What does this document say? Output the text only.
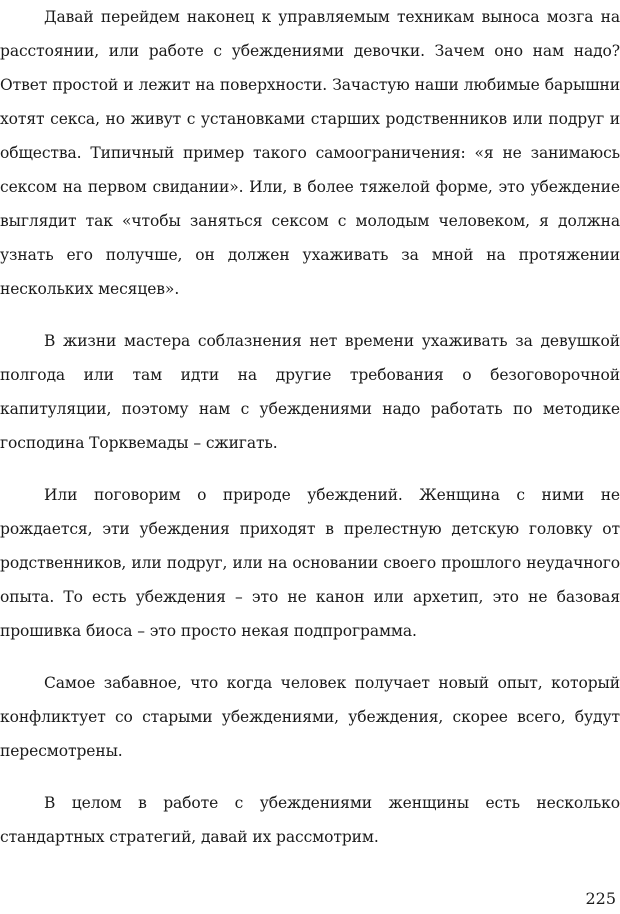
Давай перейдем наконец к управляемым техникам выноса мозга на расстоянии, или работе с убеждениями девочки. Зачем оно нам надо? Ответ простой и лежит на поверхности. Зачастую наши любимые барышни хотят секса, но живут с установками старших родственников или подруг и общества. Типичный пример такого самоограничения: «я не занимаюсь сексом на первом свидании». Или, в более тяжелой форме, это убеждение выглядит так «чтобы заняться сексом с молодым человеком, я должна узнать его получше, он должен ухаживать за мной на протяжении нескольких месяцев».

В жизни мастера соблазнения нет времени ухаживать за девушкой полгода или там идти на другие требования о безоговорочной капитуляции, поэтому нам с убеждениями надо работать по методике господина Торквемады – сжигать.

Или поговорим о природе убеждений. Женщина с ними не рождается, эти убеждения приходят в прелестную детскую головку от родственников, или подруг, или на основании своего прошлого неудачного опыта. То есть убеждения – это не канон или архетип, это не базовая прошивка биоса – это просто некая подпрограмма.

Самое забавное, что когда человек получает новый опыт, который конфликтует со старыми убеждениями, убеждения, скорее всего, будут пересмотрены.

В целом в работе с убеждениями женщины есть несколько стандартных стратегий, давай их рассмотрим.

225
